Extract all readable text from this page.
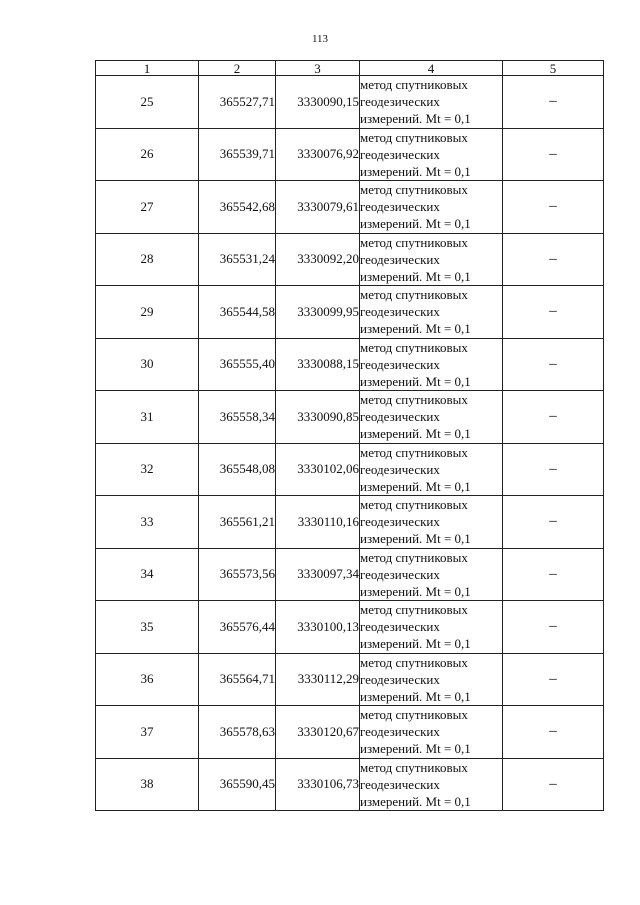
113
1	2	3	4	5
25	365527,71	3330090,15	метод спутниковых
геодезических
измерений. Mt = 0,1	–
26	365539,71	3330076,92	метод спутниковых
геодезических
измерений. Mt = 0,1	–
27	365542,68	3330079,61	метод спутниковых
геодезических
измерений. Mt = 0,1	–
28	365531,24	3330092,20	метод спутниковых
геодезических
измерений. Mt = 0,1	–
29	365544,58	3330099,95	метод спутниковых
геодезических
измерений. Mt = 0,1	–
30	365555,40	3330088,15	метод спутниковых
геодезических
измерений. Mt = 0,1	–
31	365558,34	3330090,85	метод спутниковых
геодезических
измерений. Mt = 0,1	–
32	365548,08	3330102,06	метод спутниковых
геодезических
измерений. Mt = 0,1	–
33	365561,21	3330110,16	метод спутниковых
геодезических
измерений. Mt = 0,1	–
34	365573,56	3330097,34	метод спутниковых
геодезических
измерений. Mt = 0,1	–
35	365576,44	3330100,13	метод спутниковых
геодезических
измерений. Mt = 0,1	–
36	365564,71	3330112,29	метод спутниковых
геодезических
измерений. Mt = 0,1	–
37	365578,63	3330120,67	метод спутниковых
геодезических
измерений. Mt = 0,1	–
38	365590,45	3330106,73	метод спутниковых
геодезических
измерений. Mt = 0,1	–
